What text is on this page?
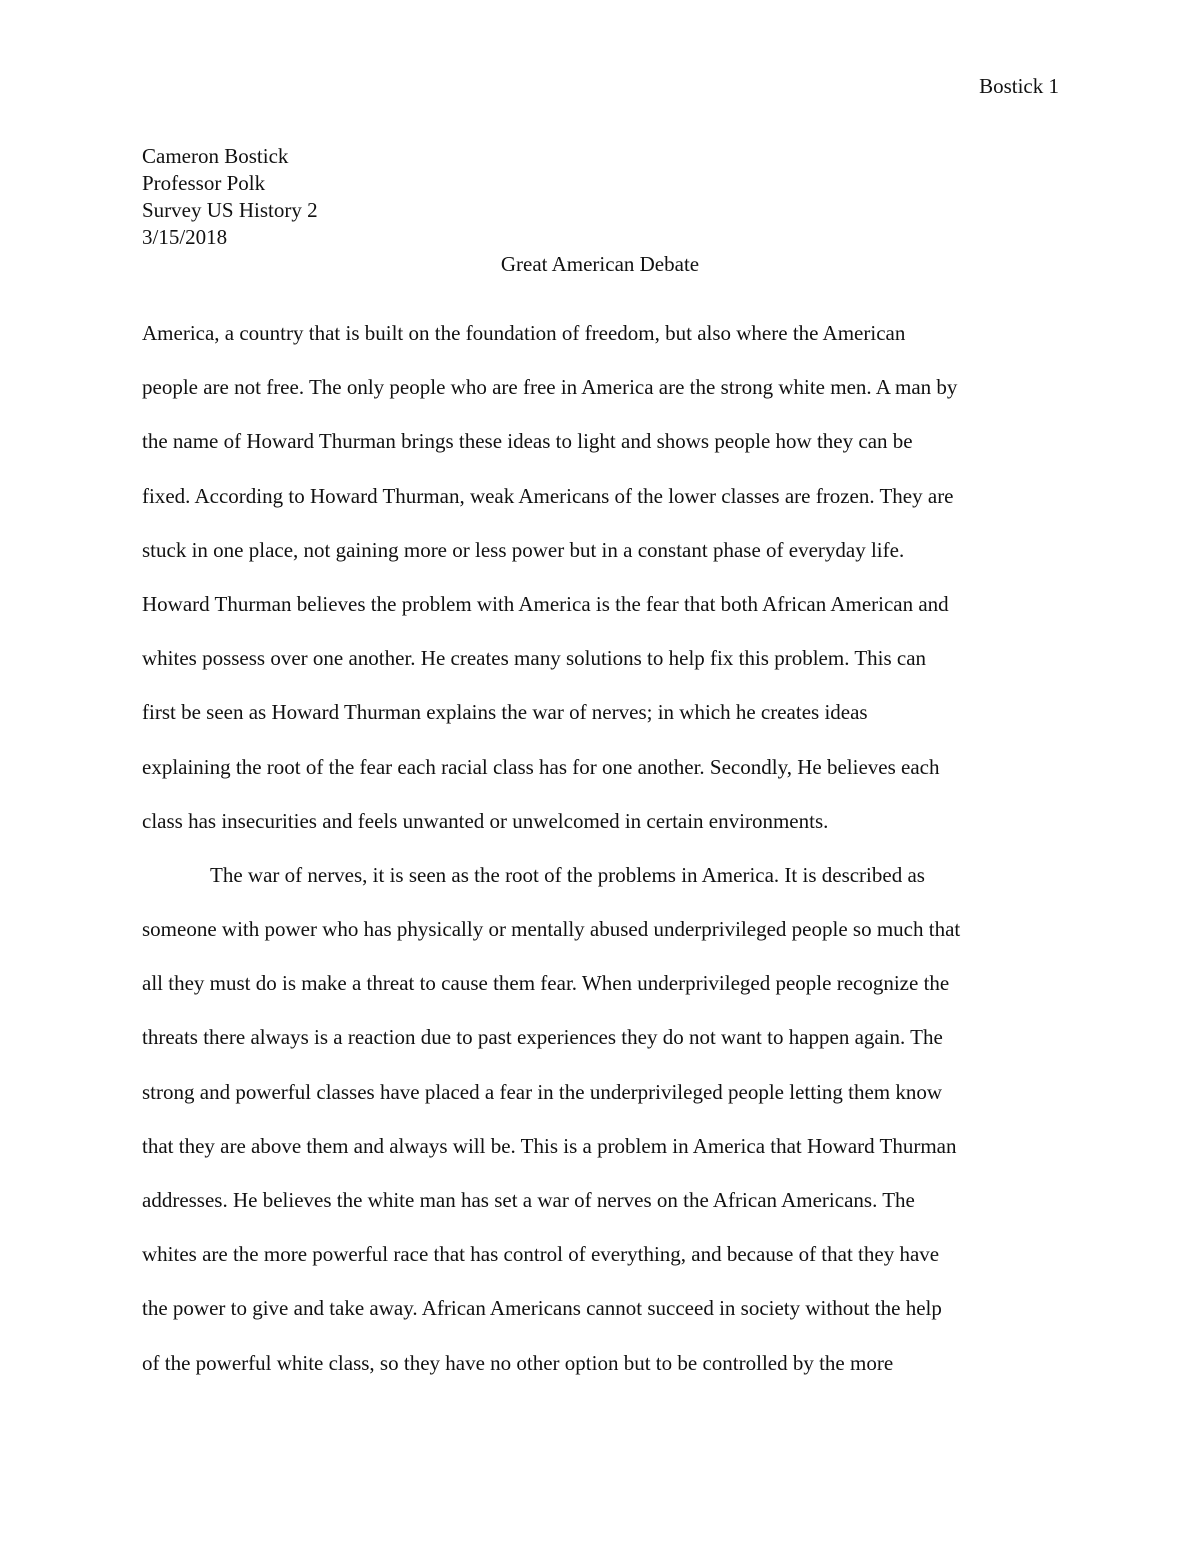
Bostick 1
Cameron Bostick
Professor Polk
Survey US History 2
3/15/2018
Great American Debate
America, a country that is built on the foundation of freedom, but also where the American
people are not free. The only people who are free in America are the strong white men. A man by
the name of Howard Thurman brings these ideas to light and shows people how they can be
fixed. According to Howard Thurman, weak Americans of the lower classes are frozen. They are
stuck in one place, not gaining more or less power but in a constant phase of everyday life.
Howard Thurman believes the problem with America is the fear that both African American and
whites possess over one another. He creates many solutions to help fix this problem. This can
first be seen as Howard Thurman explains the war of nerves; in which he creates ideas
explaining the root of the fear each racial class has for one another. Secondly, He believes each
class has insecurities and feels unwanted or unwelcomed in certain environments.
The war of nerves, it is seen as the root of the problems in America. It is described as
someone with power who has physically or mentally abused underprivileged people so much that
all they must do is make a threat to cause them fear. When underprivileged people recognize the
threats there always is a reaction due to past experiences they do not want to happen again. The
strong and powerful classes have placed a fear in the underprivileged people letting them know
that they are above them and always will be. This is a problem in America that Howard Thurman
addresses. He believes the white man has set a war of nerves on the African Americans. The
whites are the more powerful race that has control of everything, and because of that they have
the power to give and take away. African Americans cannot succeed in society without the help
of the powerful white class, so they have no other option but to be controlled by the more
